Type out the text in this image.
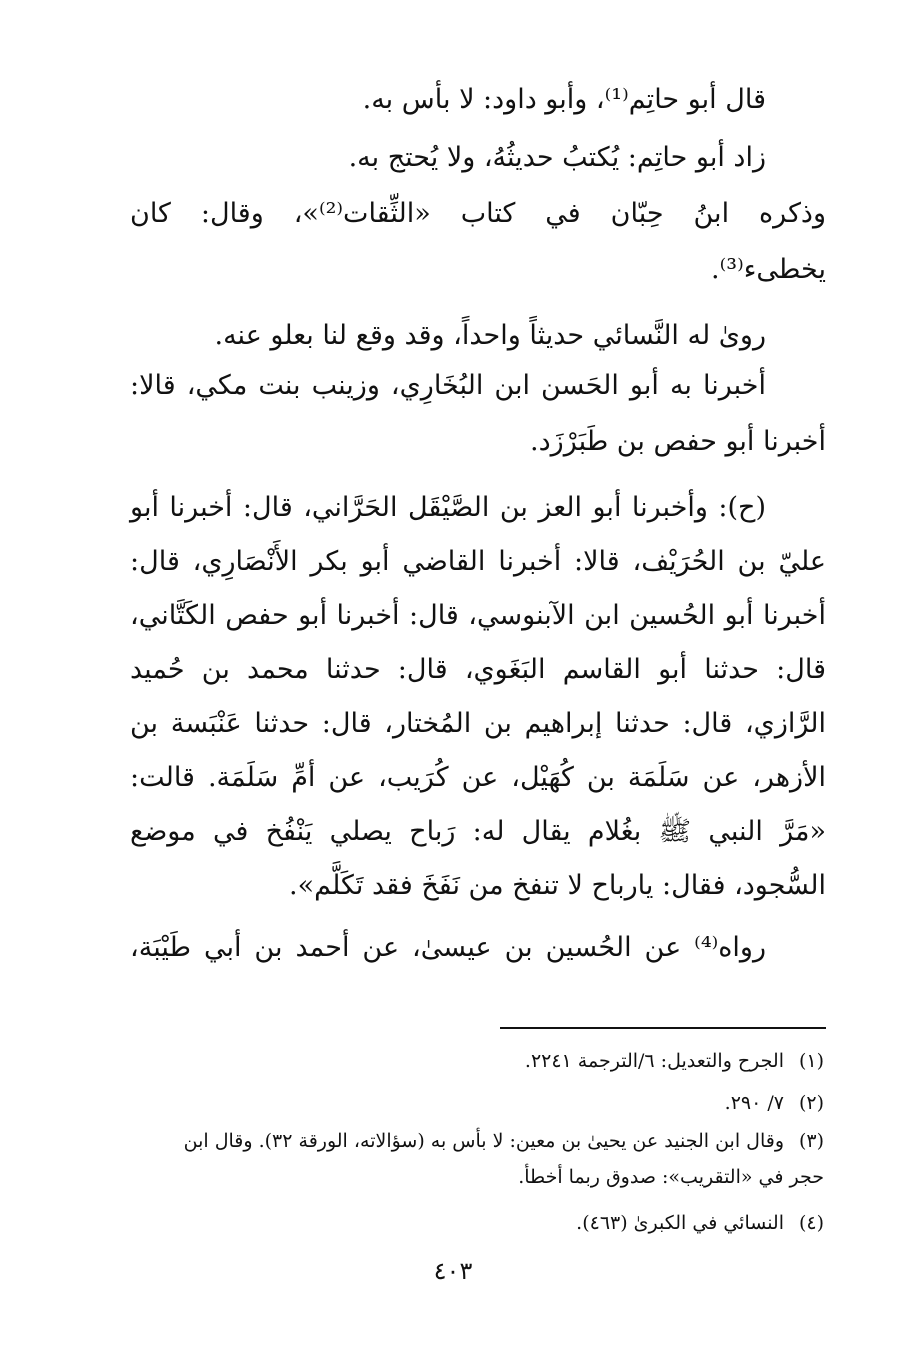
قال أبو حاتِم⁽¹⁾، وأبو داود: لا بأس به.
زاد أبو حاتِم: يُكتبُ حديثُهُ، ولا يُحتج به.
وذكره ابنُ حِبّان في كتاب «الثِّقات⁽²⁾»، وقال: كان
يخطىء⁽³⁾.
رویٰ له النَّسائي حديثاً واحداً، وقد وقع لنا بعلو عنه.
أخبرنا به أبو الحَسن ابن البُخَارِي، وزينب بنت مكي، قالا:
أخبرنا أبو حفص بن طَبَرْزَد.
(ح): وأخبرنا أبو العز بن الصَّيْقَل الحَرَّاني، قال: أخبرنا أبو
عليّ بن الحُرَيْف، قالا: أخبرنا القاضي أبو بكر الأَنْصَارِي، قال:
أخبرنا أبو الحُسين ابن الآبنوسي، قال: أخبرنا أبو حفص الكَتَّاني،
قال: حدثنا أبو القاسم البَغَوي، قال: حدثنا محمد بن حُميد
الرَّازي، قال: حدثنا إبراهيم بن المُختار، قال: حدثنا عَنْبَسة بن
الأزهر، عن سَلَمَة بن كُهَيْل، عن كُرَيب، عن أمِّ سَلَمَة. قالت:
«مَرَّ النبي ﷺ بغُلام يقال له: رَباح يصلي يَنْفُخ في موضع
السُّجود، فقال: يارباح لا تنفخ من نَفَخَ فقد تَكَلَّم».
رواه⁽⁴⁾ عن الحُسين بن عيسىٰ، عن أحمد بن أبي طَيْبَة،
(١)الجرح والتعديل: ٦/الترجمة ٢٢٤١.
(٢)٧/ ٢٩٠.
(٣)وقال ابن الجنيد عن يحيىٰ بن معين: لا بأس به (سؤالاته، الورقة ٣٢). وقال ابن
حجر في «التقريب»: صدوق ربما أخطأ.
(٤)النسائي في الكبرىٰ (٤٦٣).
٤٠٣
